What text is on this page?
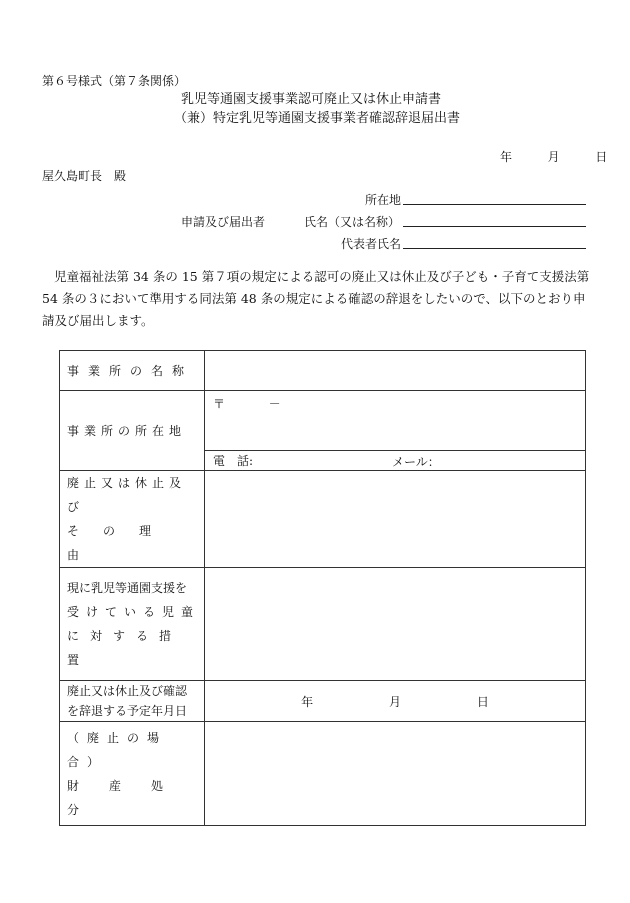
第６号様式（第７条関係）
乳児等通園支援事業認可廃止又は休止申請書
（兼）特定乳児等通園支援事業者確認辞退届出書
年	月	日
屋久島町長　殿
所在地
申請及び届出者	氏名（又は名称）
代表者氏名
児童福祉法第 34 条の 15 第７項の規定による認可の廃止又は休止及び子ども・子育て支援法第 54 条の３において準用する同法第 48 条の規定による確認の辞退をしたいので、以下のとおり申請及び届出します。
事業所の名称	

事業所の所在地	〒 －
	電　話: メール：

廃止又は休止及び
その理由	

現に乳児等通園支援を
受けている児童
に対する措置	

廃止又は休止及び確認
を辞退する予定年月日	年 月 日

（廃止の場合）
財産処分	
